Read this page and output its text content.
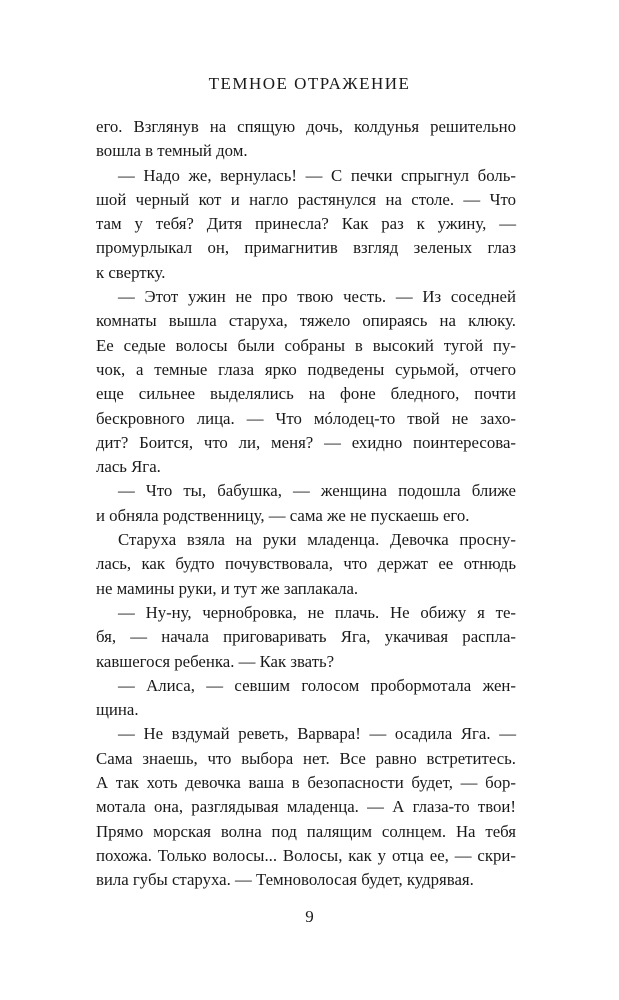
ТЕМНОЕ ОТРАЖЕНИЕ
его. Взглянув на спящую дочь, колдунья решительно
вошла в темный дом.
— Надо же, вернулась! — С печки спрыгнул боль-
шой черный кот и нагло растянулся на столе. — Что
там у тебя? Дитя принесла? Как раз к ужину, —
промурлыкал он, примагнитив взгляд зеленых глаз
к свертку.
— Этот ужин не про твою честь. — Из соседней
комнаты вышла старуха, тяжело опираясь на клюку.
Ее седые волосы были собраны в высокий тугой пу-
чок, а темные глаза ярко подведены сурьмой, отчего
еще сильнее выделялись на фоне бледного, почти
бескровного лица. — Что мóлодец-то твой не захо-
дит? Боится, что ли, меня? — ехидно поинтересова-
лась Яга.
— Что ты, бабушка, — женщина подошла ближе
и обняла родственницу, — сама же не пускаешь его.
Старуха взяла на руки младенца. Девочка проснy-
лась, как будто почувствовала, что держат ее отнюдь
не мамины руки, и тут же заплакала.
— Ну-ну, чернобровка, не плачь. Не обижу я те-
бя, — начала приговаривать Яга, укачивая распла-
кавшегося ребенка. — Как звать?
— Алиса, — севшим голосом пробормотала жен-
щина.
— Не вздумай реветь, Варвара! — осадила Яга. —
Сама знаешь, что выбора нет. Все равно встретитесь.
А так хоть девочка ваша в безопасности будет, — бор-
мотала она, разглядывая младенца. — А глаза-то твои!
Прямо морская волна под палящим солнцем. На тебя
похожа. Только волосы... Волосы, как у отца ее, — скри-
вила губы старуха. — Темноволосая будет, кудрявая.
9
